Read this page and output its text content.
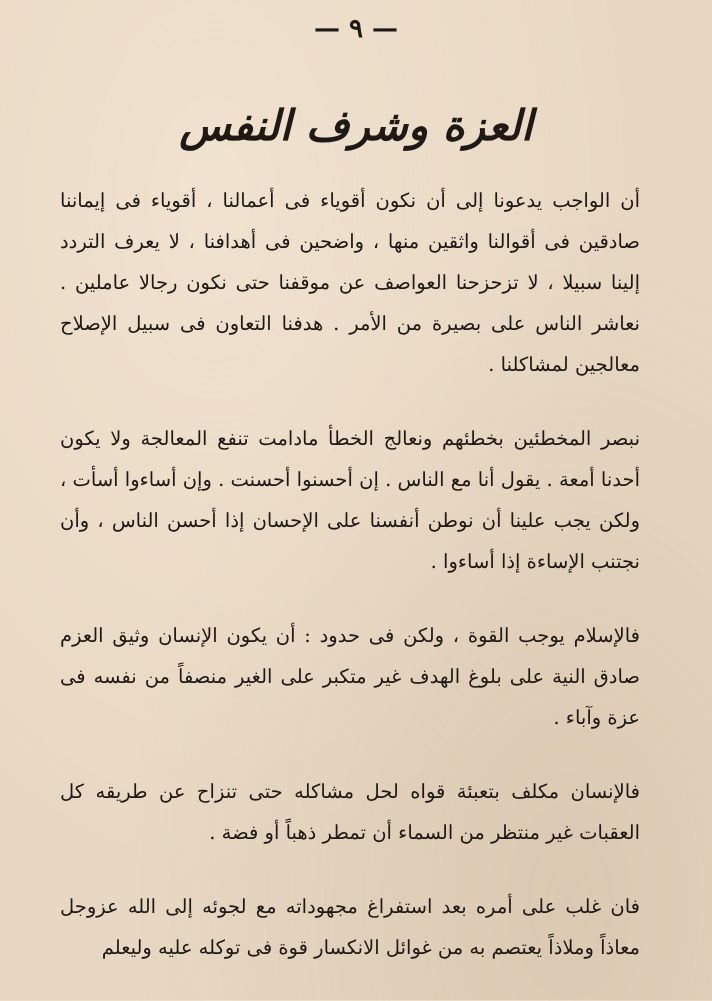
— ٩ —
العزة وشرف النفس

أن الواجب يدعونا إلى أن نكون أقوياء فى أعمالنا ، أقوياء فى إيماننا صادقين فى أقوالنا واثقين منها ، واضحين فى أهدافنا ، لا يعرف التردد إلينا سبيلا ، لا تزحزحنا العواصف عن موقفنا حتى نكون رجالا عاملين . نعاشر الناس على بصيرة من الأمر . هدفنا التعاون فى سبيل الإصلاح معالجين لمشاكلنا .

نبصر المخطئين بخطئهم ونعالج الخطأ مادامت تنفع المعالجة ولا يكون أحدنا أمعة . يقول أنا مع الناس . إن أحسنوا أحسنت . وإن أساءوا أسأت ، ولكن يجب علينا أن نوطن أنفسنا على الإحسان إذا أحسن الناس ، وأن نجتنب الإساءة إذا أساءوا .

فالإسلام يوجب القوة ، ولكن فى حدود : أن يكون الإنسان وثيق العزم صادق النية على بلوغ الهدف غير متكبر على الغير منصفاً من نفسه فى عزة وآباء .

فالإنسان مكلف بتعبئة قواه لحل مشاكله حتى تنزاح عن طريقه كل العقبات غير منتظر من السماء أن تمطر ذهباً أو فضة .

فان غلب على أمره بعد استفراغ مجهوداته مع لجوئه إلى الله عزوجل معاذاً وملاذاً يعتصم به من غوائل الانكسار قوة فى توكله عليه وليعلم
